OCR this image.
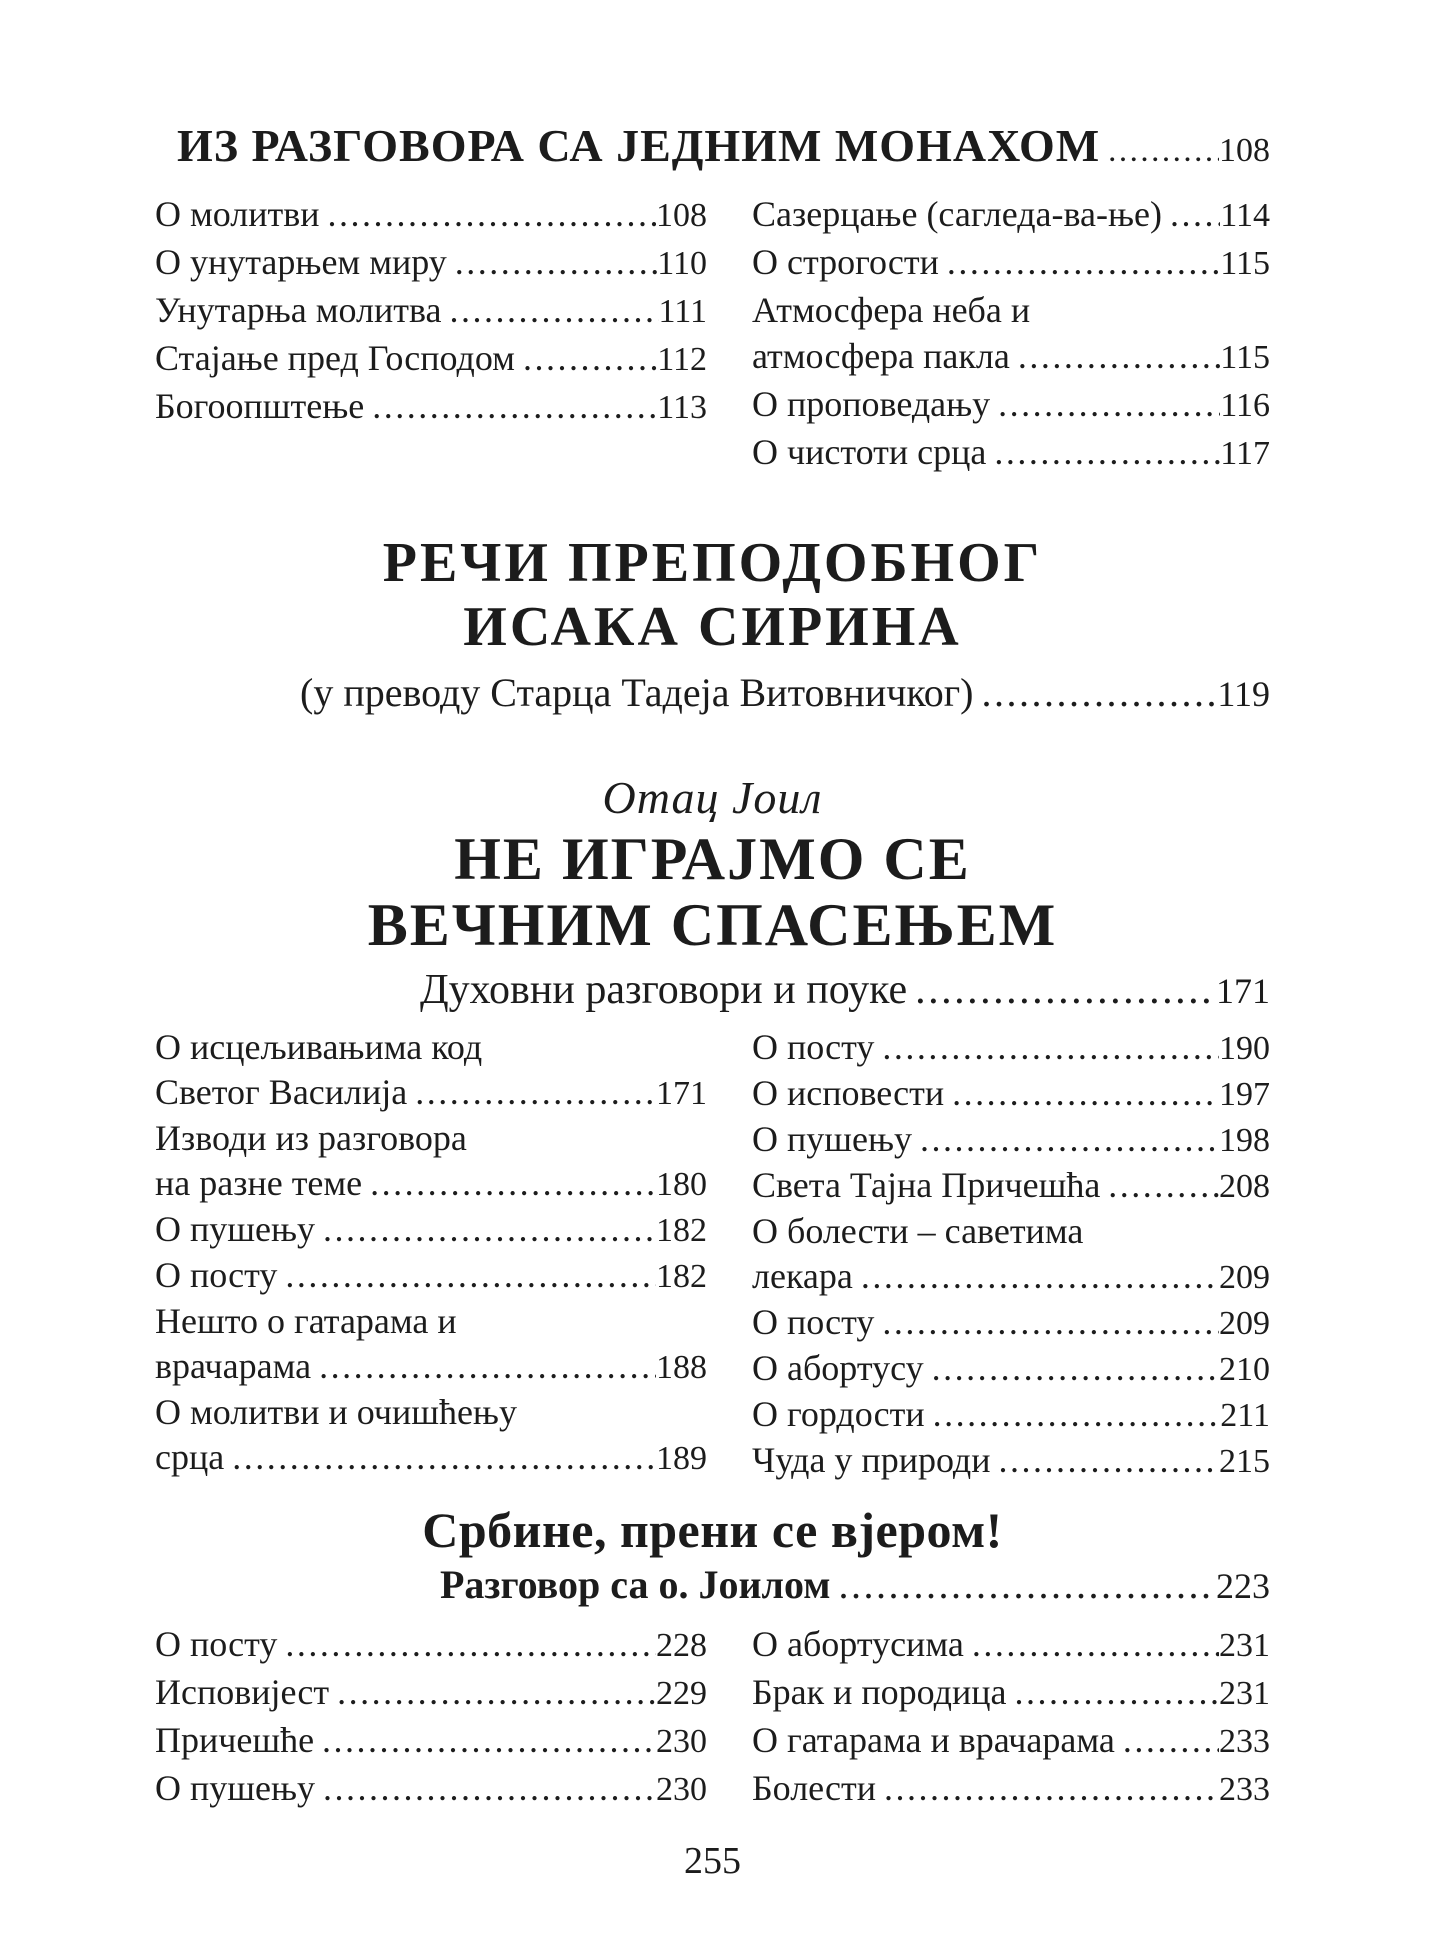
ИЗ РАЗГОВОРА СА ЈЕДНИМ МОНАХОМ .....	108
О молитви .....	108
О унутарњем миру .....	110
Унутарња молитва .....	111
Стајање пред Господом .....	112
Богоопштење .....	113
Сазерцање (сагледа-ва-ње) ..... 114
О строгости .....	115
Атмосфера неба и
атмосфера пакла .....	115
О проповедању .....	116
О чистоти срца .....	117
РЕЧИ ПРЕПОДОБНОГ
ИСАКА СИРИНА
(у преводу Старца Тадеја Витовничког) .....	119
Отац Јоил
НЕ ИГРАЈМО СЕ
ВЕЧНИМ СПАСЕЊЕМ
Духовни разговори и поуке .....	171
О исцељивањима код
Светог Василија .....	171
Изводи из разговора
на разне теме .....	180
О пушењу .....	182
О посту .....	182
Нешто о гатарама и
врачарама .....	188
О молитви и очишћењу
срца .....	189
О посту .....	190
О исповести .....	197
О пушењу .....	198
Света Тајна Причешћа .....	208
О болести – саветима
лекара .....	209
О посту .....	209
О абортусу .....	210
О гордости .....	211
Чуда у природи .....	215
Србине, прени се вјером!
Разговор са о. Јоилом .....	223
О посту .....	228
Исповијест .....	229
Причешће .....	230
О пушењу .....	230
О абортусима .....	231
Брак и породица .....	231
О гатарама и врачарама .....	233
Болести .....	233
255
